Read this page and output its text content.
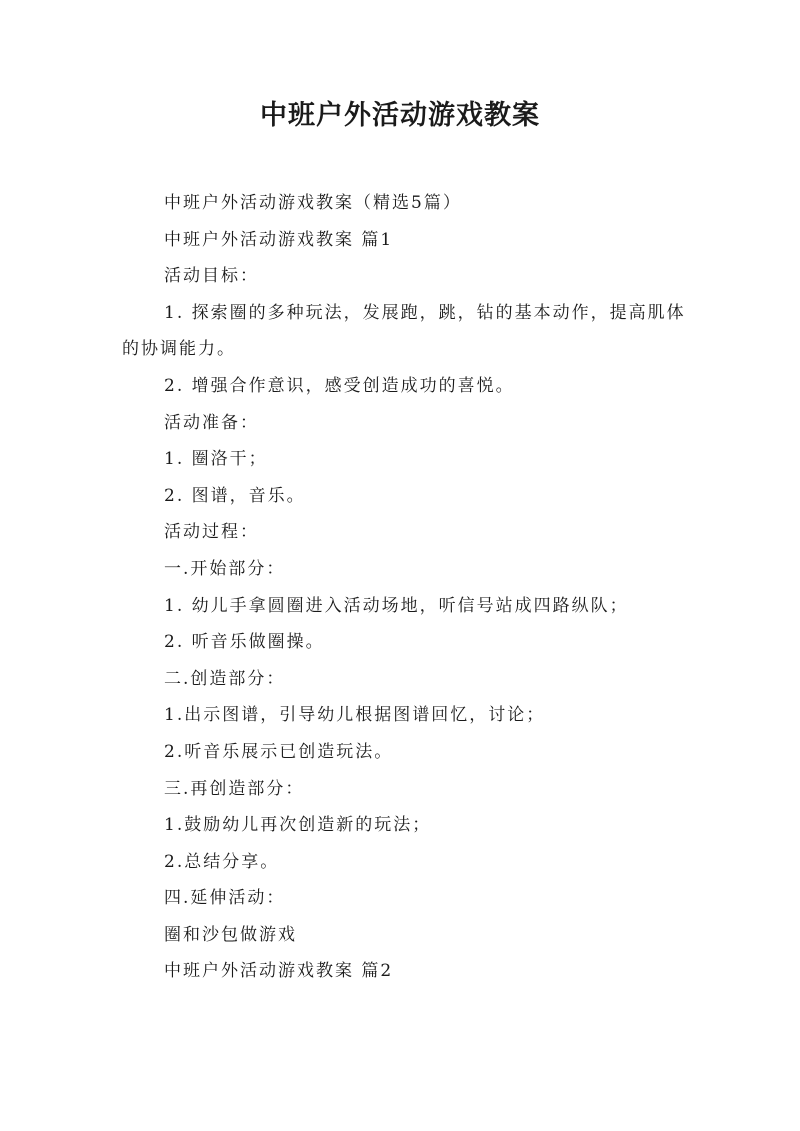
中班户外活动游戏教案

中班户外活动游戏教案（精选5篇）

中班户外活动游戏教案 篇1

活动目标：

1. 探索圈的多种玩法，发展跑，跳，钻的基本动作，提高肌体的协调能力。

2. 增强合作意识，感受创造成功的喜悦。

活动准备：

1. 圈洛干；

2. 图谱，音乐。

活动过程：

一.开始部分：

1. 幼儿手拿圆圈进入活动场地，听信号站成四路纵队；

2. 听音乐做圈操。

二.创造部分：

1.出示图谱，引导幼儿根据图谱回忆，讨论；

2.听音乐展示已创造玩法。

三.再创造部分：

1.鼓励幼儿再次创造新的玩法；

2.总结分享。

四.延伸活动：

圈和沙包做游戏

中班户外活动游戏教案 篇2
